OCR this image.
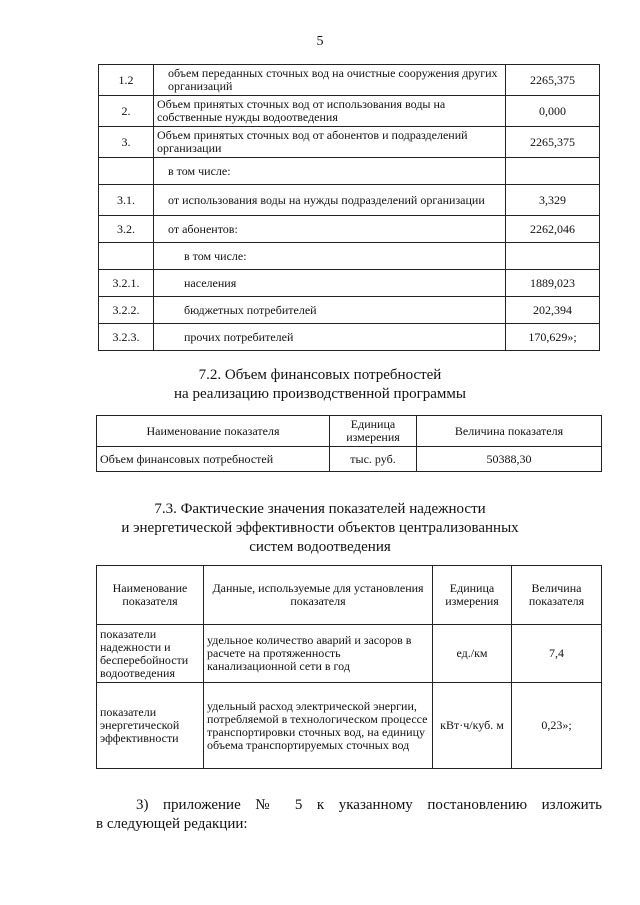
5
1.2	объем переданных сточных вод на очистные сооружения других организаций	2265,375
2.	Объем принятых сточных вод от использования воды на собственные нужды водоотведения	0,000
3.	Объем принятых сточных вод от абонентов и подразделений организации	2265,375
	в том числе:	
3.1.	от использования воды на нужды подразделений организации	3,329
3.2.	от абонентов:	2262,046
	в том числе:	
3.2.1.	населения	1889,023
3.2.2.	бюджетных потребителей	202,394
3.2.3.	прочих потребителей	170,629»;
7.2. Объем финансовых потребностей
на реализацию производственной программы
Наименование показателя	Единица измерения	Величина показателя
Объем финансовых потребностей	тыс. руб.	50388,30
7.3. Фактические значения показателей надежности
и энергетической эффективности объектов централизованных
систем водоотведения
Наименование показателя	Данные, используемые для установления показателя	Единица измерения	Величина показателя
показатели надежности и бесперебойности водоотведения	удельное количество аварий и засоров в расчете на протяженность канализационной сети в год	ед./км	7,4
показатели энергетической эффективности	удельный расход электрической энергии, потребляемой в технологическом процессе транспортировки сточных вод, на единицу объема транспортируемых сточных вод	кВт·ч/куб. м	0,23»;
3) приложение № 5 к указанному постановлению изложить
в следующей редакции:
